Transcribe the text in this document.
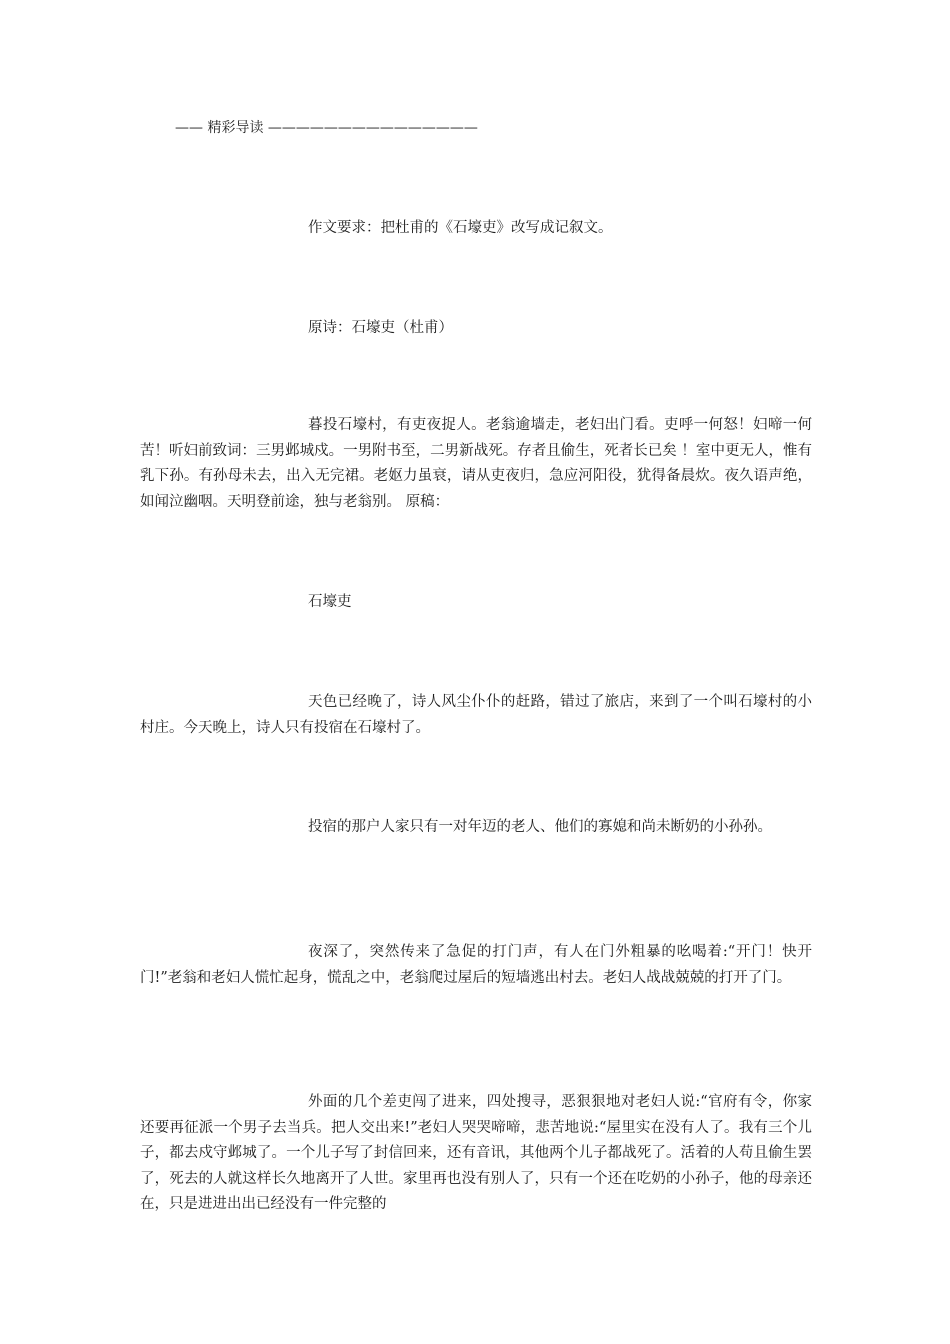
—— 精彩导读 ———————————————
作文要求：把杜甫的《石壕吏》改写成记叙文。
原诗：石壕吏（杜甫）

暮投石壕村，有吏夜捉人。老翁逾墙走，老妇出门看。吏呼一何怒！妇啼一何苦！听妇前致词：三男邺城戍。一男附书至，二男新战死。存者且偷生，死者长已矣 ！室中更无人，惟有乳下孙。有孙母未去，出入无完裙。老妪力虽衰，请从吏夜归，急应河阳役，犹得备晨炊。夜久语声绝，如闻泣幽咽。天明登前途，独与老翁别。 原稿：

石壕吏

天色已经晚了，诗人风尘仆仆的赶路，错过了旅店，来到了一个叫石壕村的小村庄。今天晚上，诗人只有投宿在石壕村了。

投宿的那户人家只有一对年迈的老人、他们的寡媳和尚未断奶的小孙孙。

夜深了，突然传来了急促的打门声，有人在门外粗暴的吆喝着:“开门！快开门!”老翁和老妇人慌忙起身，慌乱之中，老翁爬过屋后的短墙逃出村去。老妇人战战兢兢的打开了门。

外面的几个差吏闯了进来，四处搜寻，恶狠狠地对老妇人说:“官府有令，你家还要再征派一个男子去当兵。把人交出来!”老妇人哭哭啼啼，悲苦地说:“屋里实在没有人了。我有三个儿子，都去戍守邺城了。一个儿子写了封信回来，还有音讯，其他两个儿子都战死了。活着的人苟且偷生罢了，死去的人就这样长久地离开了人世。家里再也没有别人了，只有一个还在吃奶的小孙子，他的母亲还在，只是进进出出已经没有一件完整的
